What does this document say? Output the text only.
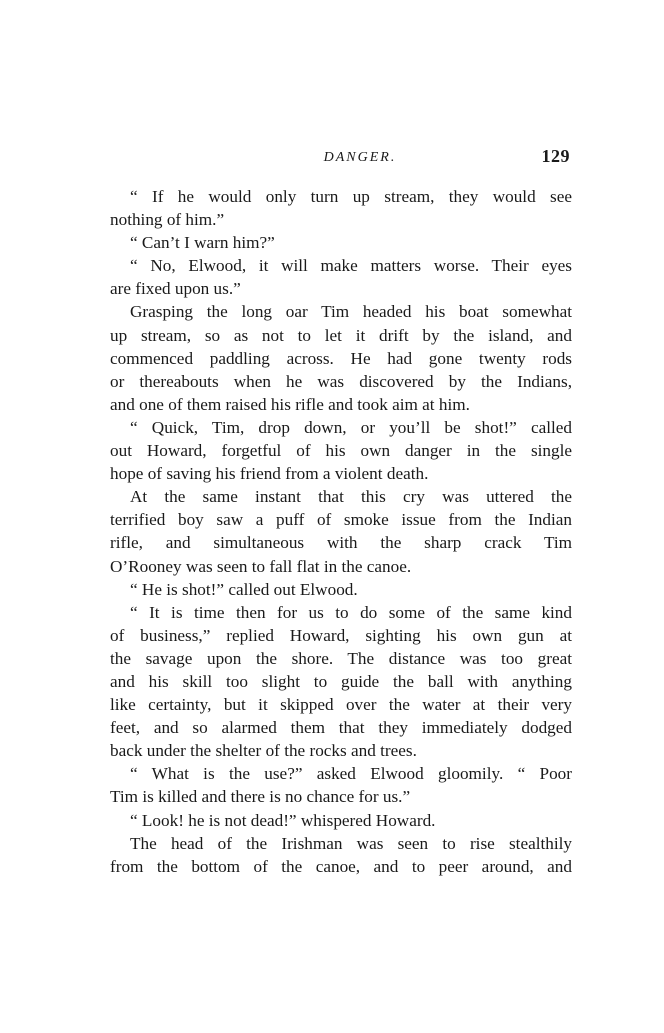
DANGER.	129
“ If he would only turn up stream, they would see
nothing of him.”
“ Can’t I warn him?”
“ No, Elwood, it will make matters worse. Their eyes
are fixed upon us.”
Grasping the long oar Tim headed his boat somewhat
up stream, so as not to let it drift by the island, and
commenced paddling across. He had gone twenty rods
or thereabouts when he was discovered by the Indians,
and one of them raised his rifle and took aim at him.
“ Quick, Tim, drop down, or you’ll be shot!” called
out Howard, forgetful of his own danger in the single
hope of saving his friend from a violent death.
At the same instant that this cry was uttered the
terrified boy saw a puff of smoke issue from the Indian
rifle, and simultaneous with the sharp crack Tim
O’Rooney was seen to fall flat in the canoe.
“ He is shot!” called out Elwood.
“ It is time then for us to do some of the same kind
of business,” replied Howard, sighting his own gun at
the savage upon the shore. The distance was too great
and his skill too slight to guide the ball with anything
like certainty, but it skipped over the water at their very
feet, and so alarmed them that they immediately dodged
back under the shelter of the rocks and trees.
“ What is the use?” asked Elwood gloomily. “ Poor
Tim is killed and there is no chance for us.”
“ Look! he is not dead!” whispered Howard.
The head of the Irishman was seen to rise stealthily
from the bottom of the canoe, and to peer around, and
